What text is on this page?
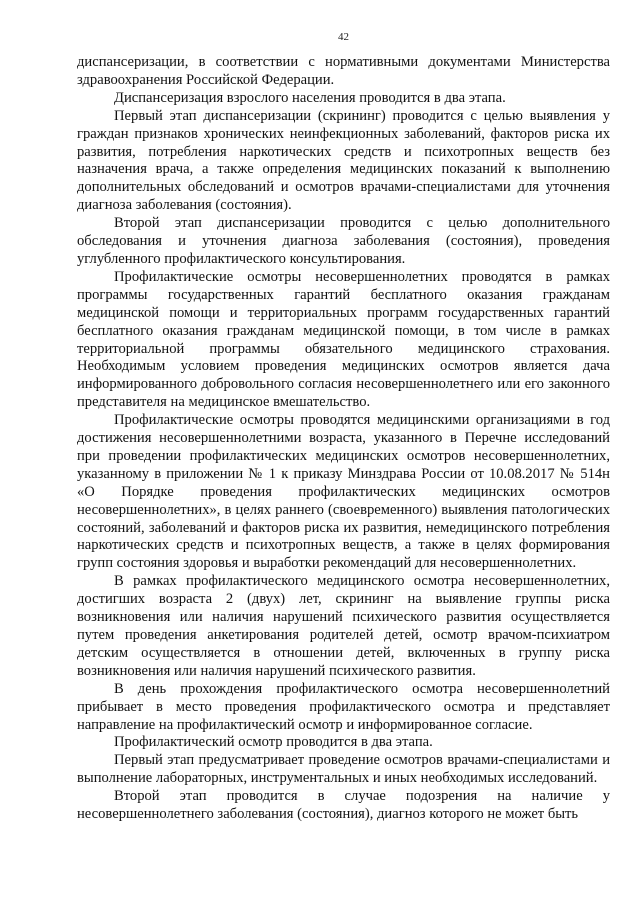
42

диспансеризации, в соответствии с нормативными документами Министерства здравоохранения Российской Федерации.

Диспансеризация взрослого населения проводится в два этапа.

Первый этап диспансеризации (скрининг) проводится с целью выявления у граждан признаков хронических неинфекционных заболеваний, факторов риска их развития, потребления наркотических средств и психотропных веществ без назначения врача, а также определения медицинских показаний к выполнению дополнительных обследований и осмотров врачами-специалистами для уточнения диагноза заболевания (состояния).

Второй этап диспансеризации проводится с целью дополнительного обследования и уточнения диагноза заболевания (состояния), проведения углубленного профилактического консультирования.

Профилактические осмотры несовершеннолетних проводятся в рамках программы государственных гарантий бесплатного оказания гражданам медицинской помощи и территориальных программ государственных гарантий бесплатного оказания гражданам медицинской помощи, в том числе в рамках территориальной программы обязательного медицинского страхования. Необходимым условием проведения медицинских осмотров является дача информированного добровольного согласия несовершеннолетнего или его законного представителя на медицинское вмешательство.

Профилактические осмотры проводятся медицинскими организациями в год достижения несовершеннолетними возраста, указанного в Перечне исследований при проведении профилактических медицинских осмотров несовершеннолетних, указанному в приложении № 1 к приказу Минздрава России от 10.08.2017 № 514н «О Порядке проведения профилактических медицинских осмотров несовершеннолетних», в целях раннего (своевременного) выявления патологических состояний, заболеваний и факторов риска их развития, немедицинского потребления наркотических средств и психотропных веществ, а также в целях формирования групп состояния здоровья и выработки рекомендаций для несовершеннолетних.

В рамках профилактического медицинского осмотра несовершеннолетних, достигших возраста 2 (двух) лет, скрининг на выявление группы риска возникновения или наличия нарушений психического развития осуществляется путем проведения анкетирования родителей детей, осмотр врачом-психиатром детским осуществляется в отношении детей, включенных в группу риска возникновения или наличия нарушений психического развития.

В день прохождения профилактического осмотра несовершеннолетний прибывает в место проведения профилактического осмотра и представляет направление на профилактический осмотр и информированное согласие.

Профилактический осмотр проводится в два этапа.

Первый этап предусматривает проведение осмотров врачами-специалистами и выполнение лабораторных, инструментальных и иных необходимых исследований.

Второй этап проводится в случае подозрения на наличие у несовершеннолетнего заболевания (состояния), диагноз которого не может быть
